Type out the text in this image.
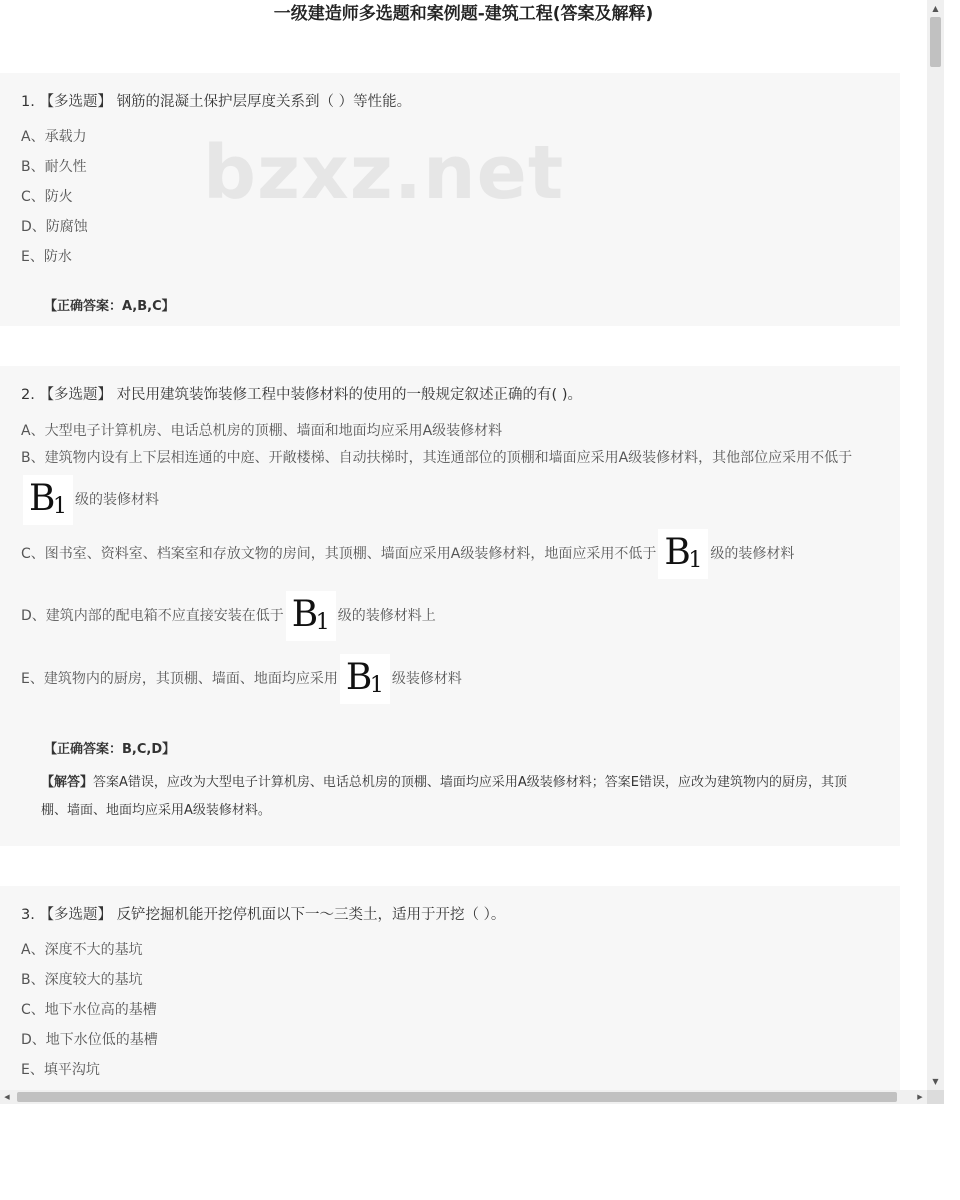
一级建造师多选题和案例题-建筑工程(答案及解释)
1. 【多选题】 钢筋的混凝土保护层厚度关系到（ ）等性能。
A、承载力
B、耐久性
C、防火
D、防腐蚀
E、防水
【正确答案：A,B,C】
bzxz.net
2. 【多选题】 对民用建筑装饰装修工程中装修材料的使用的一般规定叙述正确的有( )。
A、大型电子计算机房、电话总机房的顶棚、墙面和地面均应采用A级装修材料
B、建筑物内设有上下层相连通的中庭、开敞楼梯、自动扶梯时，其连通部位的顶棚和墙面应采用A级装修材料，其他部位应采用不低于
B
1 级的装修材料
C、图书室、资料室、档案室和存放文物的房间，其顶棚、墙面应采用A级装修材料，地面应采用不低于 B
1 级的装修材料
D、建筑内部的配电箱不应直接安装在低于 B
1 级的装修材料上
E、建筑物内的厨房，其顶棚、墙面、地面均应采用 B
1 级装修材料
【正确答案：B,C,D】
【解答】答案A错误，应改为大型电子计算机房、电话总机房的顶棚、墙面均应采用A级装修材料；答案E错误，应改为建筑物内的厨房，其顶棚、墙面、地面均应采用A级装修材料。
3. 【多选题】 反铲挖掘机能开挖停机面以下一～三类土，适用于开挖（ ）。
A、深度不大的基坑
B、深度较大的基坑
C、地下水位高的基槽
D、地下水位低的基槽
E、填平沟坑
▲
▼
◀	▶
